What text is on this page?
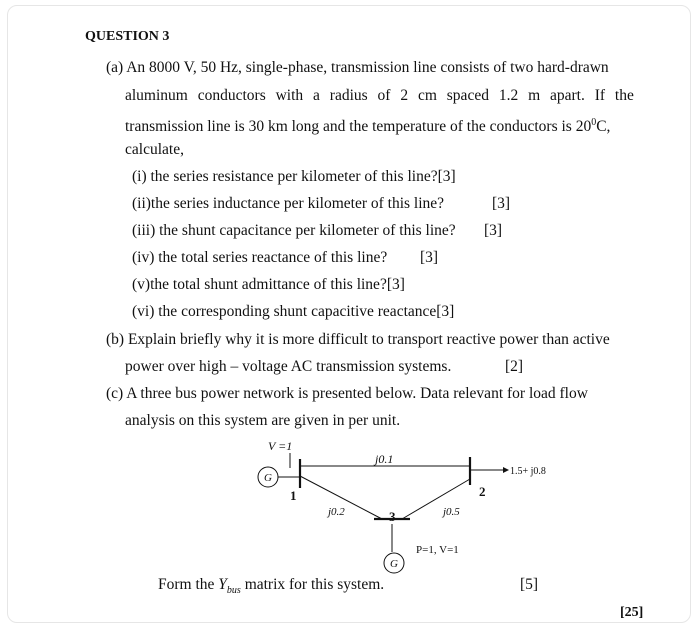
QUESTION 3
(a) An 8000 V, 50 Hz, single-phase, transmission line consists of two hard-drawn
aluminum conductors with a radius of 2 cm spaced 1.2 m apart. If the
transmission line is 30 km long and the temperature of the conductors is $20^0C$,
calculate,
(i) the series resistance per kilometer of this line?[3]
(ii)the series inductance per kilometer of this line?	[3]
(iii) the shunt capacitance per kilometer of this line? [3]
(iv) the total series reactance of this line? [3]
(v)the total shunt admittance of this line?[3]
(vi) the corresponding shunt capacitive reactance[3]
(b) Explain briefly why it is more difficult to transport reactive power than active
power over high – voltage AC transmission systems.	[2]
(c) A three bus power network is presented below. Data relevant for load flow
analysis on this system are given in per unit.
V =1
G
1
j0.1
2
1.5+ j0.8
j0.2	j0.5
3
P=1, V=1
G
Form the $Y_{bus}$ matrix for this system.	[5]
[25]
